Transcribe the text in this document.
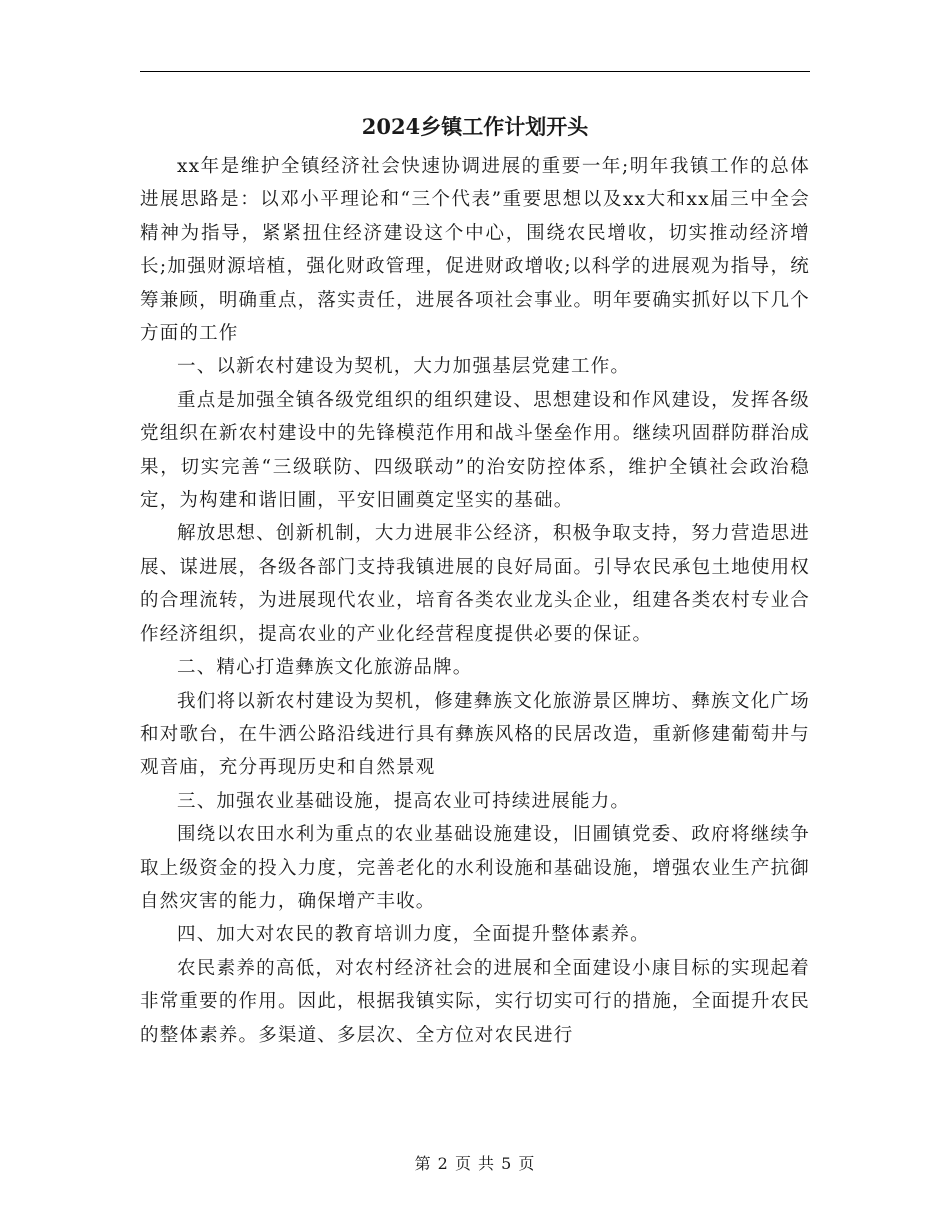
2024乡镇工作计划开头

xx年是维护全镇经济社会快速协调进展的重要一年;明年我镇工作的总体进展思路是：以邓小平理论和“三个代表”重要思想以及xx大和xx届三中全会精神为指导，紧紧扭住经济建设这个中心，围绕农民增收，切实推动经济增长;加强财源培植，强化财政管理，促进财政增收;以科学的进展观为指导，统筹兼顾，明确重点，落实责任，进展各项社会事业。明年要确实抓好以下几个方面的工作

一、以新农村建设为契机，大力加强基层党建工作。

重点是加强全镇各级党组织的组织建设、思想建设和作风建设，发挥各级党组织在新农村建设中的先锋模范作用和战斗堡垒作用。继续巩固群防群治成果，切实完善“三级联防、四级联动”的治安防控体系，维护全镇社会政治稳定，为构建和谐旧圃，平安旧圃奠定坚实的基础。

解放思想、创新机制，大力进展非公经济，积极争取支持，努力营造思进展、谋进展，各级各部门支持我镇进展的良好局面。引导农民承包土地使用权的合理流转，为进展现代农业，培育各类农业龙头企业，组建各类农村专业合作经济组织，提高农业的产业化经营程度提供必要的保证。

二、精心打造彝族文化旅游品牌。

我们将以新农村建设为契机，修建彝族文化旅游景区牌坊、彝族文化广场和对歌台，在牛洒公路沿线进行具有彝族风格的民居改造，重新修建葡萄井与观音庙，充分再现历史和自然景观

三、加强农业基础设施，提高农业可持续进展能力。

围绕以农田水利为重点的农业基础设施建设，旧圃镇党委、政府将继续争取上级资金的投入力度，完善老化的水利设施和基础设施，增强农业生产抗御自然灾害的能力，确保增产丰收。

四、加大对农民的教育培训力度，全面提升整体素养。

农民素养的高低，对农村经济社会的进展和全面建设小康目标的实现起着非常重要的作用。因此，根据我镇实际，实行切实可行的措施，全面提升农民的整体素养。多渠道、多层次、全方位对农民进行

第 2 页 共 5 页
